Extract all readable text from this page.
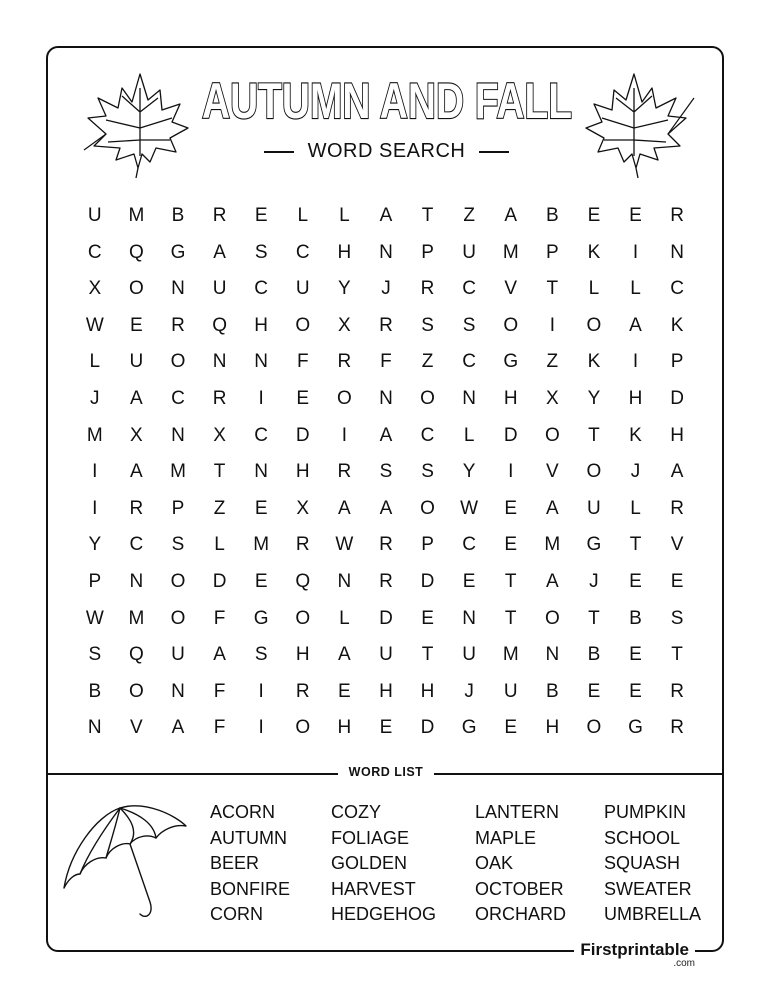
AUTUMN AND FALL
WORD SEARCH
U	M	B	R	E	L	L	A	T	Z	A	B	E	E	R
C	Q	G	A	S	C	H	N	P	U	M	P	K	I	N
X	O	N	U	C	U	Y	J	R	C	V	T	L	L	C
W	E	R	Q	H	O	X	R	S	S	O	I	O	A	K
L	U	O	N	N	F	R	F	Z	C	G	Z	K	I	P
J	A	C	R	I	E	O	N	O	N	H	X	Y	H	D
M	X	N	X	C	D	I	A	C	L	D	O	T	K	H
I	A	M	T	N	H	R	S	S	Y	I	V	O	J	A
I	R	P	Z	E	X	A	A	O	W	E	A	U	L	R
Y	C	S	L	M	R	W	R	P	C	E	M	G	T	V
P	N	O	D	E	Q	N	R	D	E	T	A	J	E	E
W	M	O	F	G	O	L	D	E	N	T	O	T	B	S
S	Q	U	A	S	H	A	U	T	U	M	N	B	E	T
B	O	N	F	I	R	E	H	H	J	U	B	E	E	R
N	V	A	F	I	O	H	E	D	G	E	H	O	G	R
WORD LIST
ACORN
AUTUMN
BEER
BONFIRE
CORN
COZY
FOLIAGE
GOLDEN
HARVEST
HEDGEHOG
LANTERN
MAPLE
OAK
OCTOBER
ORCHARD
PUMPKIN
SCHOOL
SQUASH
SWEATER
UMBRELLA
Firstprintable
.com
